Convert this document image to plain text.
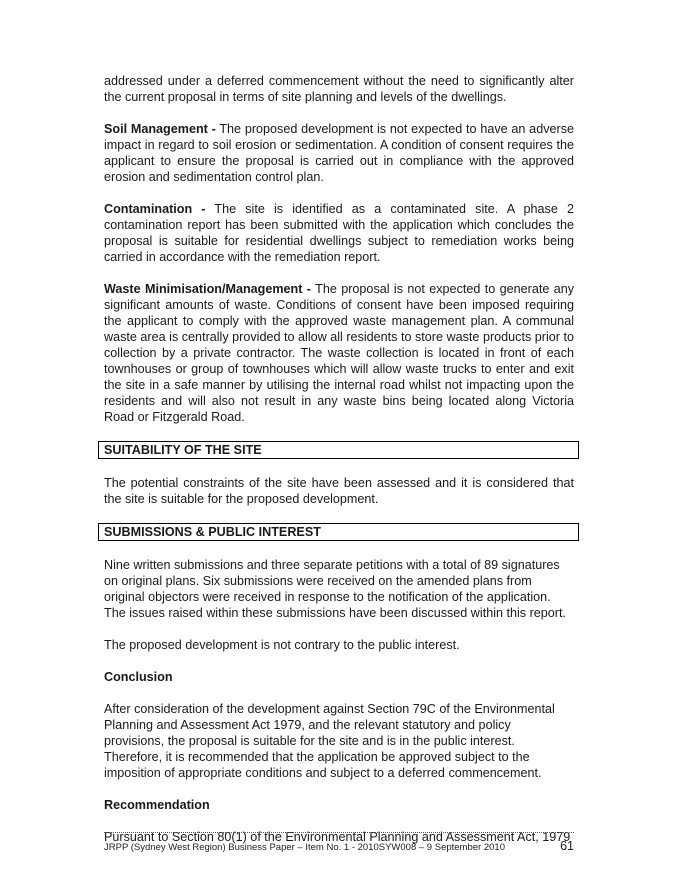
addressed under a deferred commencement without the need to significantly alter the current proposal in terms of site planning and levels of the dwellings.

Soil Management - The proposed development is not expected to have an adverse impact in regard to soil erosion or sedimentation. A condition of consent requires the applicant to ensure the proposal is carried out in compliance with the approved erosion and sedimentation control plan.

Contamination - The site is identified as a contaminated site. A phase 2 contamination report has been submitted with the application which concludes the proposal is suitable for residential dwellings subject to remediation works being carried in accordance with the remediation report.

Waste Minimisation/Management - The proposal is not expected to generate any significant amounts of waste. Conditions of consent have been imposed requiring the applicant to comply with the approved waste management plan. A communal waste area is centrally provided to allow all residents to store waste products prior to collection by a private contractor. The waste collection is located in front of each townhouses or group of townhouses which will allow waste trucks to enter and exit the site in a safe manner by utilising the internal road whilst not impacting upon the residents and will also not result in any waste bins being located along Victoria Road or Fitzgerald Road.

SUITABILITY OF THE SITE

The potential constraints of the site have been assessed and it is considered that the site is suitable for the proposed development.

SUBMISSIONS & PUBLIC INTEREST

Nine written submissions and three separate petitions with a total of 89 signatures on original plans. Six submissions were received on the amended plans from original objectors were received in response to the notification of the application. The issues raised within these submissions have been discussed within this report.

The proposed development is not contrary to the public interest.

Conclusion

After consideration of the development against Section 79C of the Environmental Planning and Assessment Act 1979, and the relevant statutory and policy provisions, the proposal is suitable for the site and is in the public interest. Therefore, it is recommended that the application be approved subject to the imposition of appropriate conditions and subject to a deferred commencement.

Recommendation

Pursuant to Section 80(1) of the Environmental Planning and Assessment Act, 1979

JRPP (Sydney West Region) Business Paper – Item No. 1 - 2010SYW008 – 9 September 2010	61
